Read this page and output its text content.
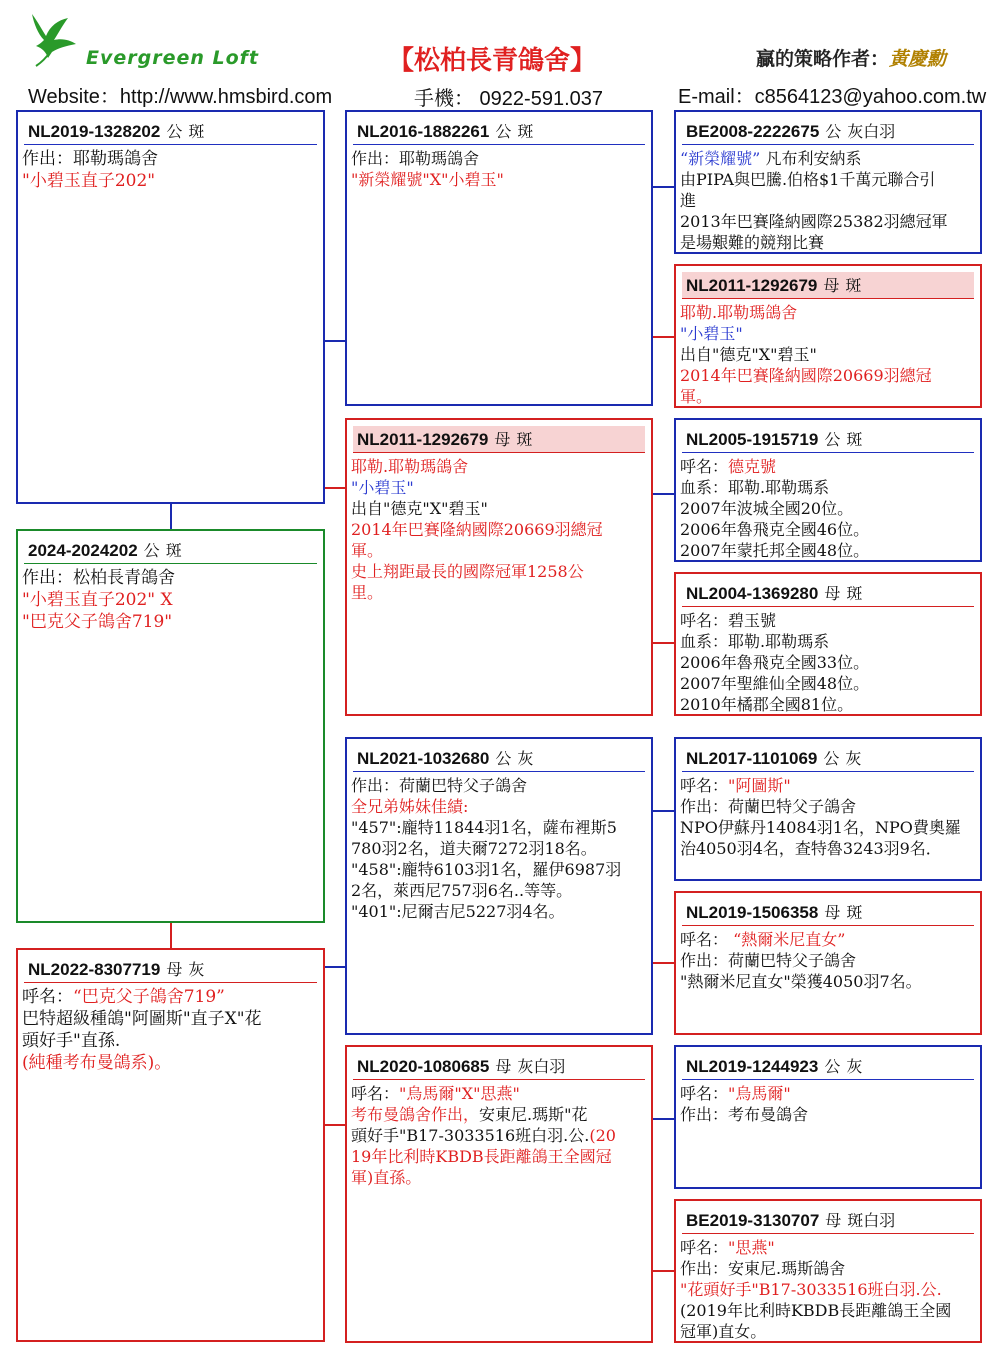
Evergreen Loft	【松柏長青鴿舍】	贏的策略作者：黃慶勳
Website：http://www.hmsbird.com	手機： 0922-591.037	E-mail：c8564123@yahoo.com.tw
NL2019-1328202 公 斑
作出：耶勒瑪鴿舍
"小碧玉直子202"
2024-2024202 公 斑
作出：松柏長青鴿舍
"小碧玉直子202" X
"巴克父子鴿舍719"
NL2022-8307719 母 灰
呼名：“巴克父子鴿舍719”
巴特超級種鴿"阿圖斯"直子X"花
頭好手"直孫.
(純種考布曼鴿系)。
NL2016-1882261 公 斑
作出：耶勒瑪鴿舍
"新榮耀號"X"小碧玉"
NL2011-1292679 母 斑
耶勒.耶勒瑪鴿舍
"小碧玉"
出自"德克"X"碧玉"
2014年巴賽隆納國際20669羽總冠
軍。
史上翔距最長的國際冠軍1258公
里。
NL2021-1032680 公 灰
作出：荷蘭巴特父子鴿舍
全兄弟姊妹佳績:
"457":龐特11844羽1名，薩布裡斯5
780羽2名，道夫爾7272羽18名。
"458":龐特6103羽1名，羅伊6987羽
2名，萊西尼757羽6名..等等。
"401":尼爾吉尼5227羽4名。
NL2020-1080685 母 灰白羽
呼名："烏馬爾"X"思燕"
考布曼鴿舍作出，安東尼.瑪斯"花
頭好手"B17-3033516班白羽.公.(20
19年比利時KBDB長距離鴿王全國冠
軍)直孫。
BE2008-2222675 公 灰白羽
“新榮耀號” 凡布利安納系
由PIPA與巴騰.伯格$1千萬元聯合引
進
2013年巴賽隆納國際25382羽總冠軍
是場艱難的競翔比賽
NL2011-1292679 母 斑
耶勒.耶勒瑪鴿舍
"小碧玉"
出自"德克"X"碧玉"
2014年巴賽隆納國際20669羽總冠
軍。
NL2005-1915719 公 斑
呼名：德克號
血系：耶勒.耶勒瑪系
2007年波城全國20位。
2006年魯飛克全國46位。
2007年蒙托邦全國48位。
NL2004-1369280 母 斑
呼名：碧玉號
血系：耶勒.耶勒瑪系
2006年魯飛克全國33位。
2007年聖維仙全國48位。
2010年橘郡全國81位。
NL2017-1101069 公 灰
呼名："阿圖斯"
作出：荷蘭巴特父子鴿舍
NPO伊蘇丹14084羽1名，NPO費奧羅
治4050羽4名，查特魯3243羽9名．
NL2019-1506358 母 斑
呼名： “熱爾米尼直女”
作出：荷蘭巴特父子鴿舍
"熱爾米尼直女"榮獲4050羽7名。
NL2019-1244923 公 灰
呼名："烏馬爾"
作出：考布曼鴿舍
BE2019-3130707 母 斑白羽
呼名："思燕"
作出：安東尼.瑪斯鴿舍
"花頭好手"B17-3033516班白羽.公.
(2019年比利時KBDB長距離鴿王全國
冠軍)直女。
